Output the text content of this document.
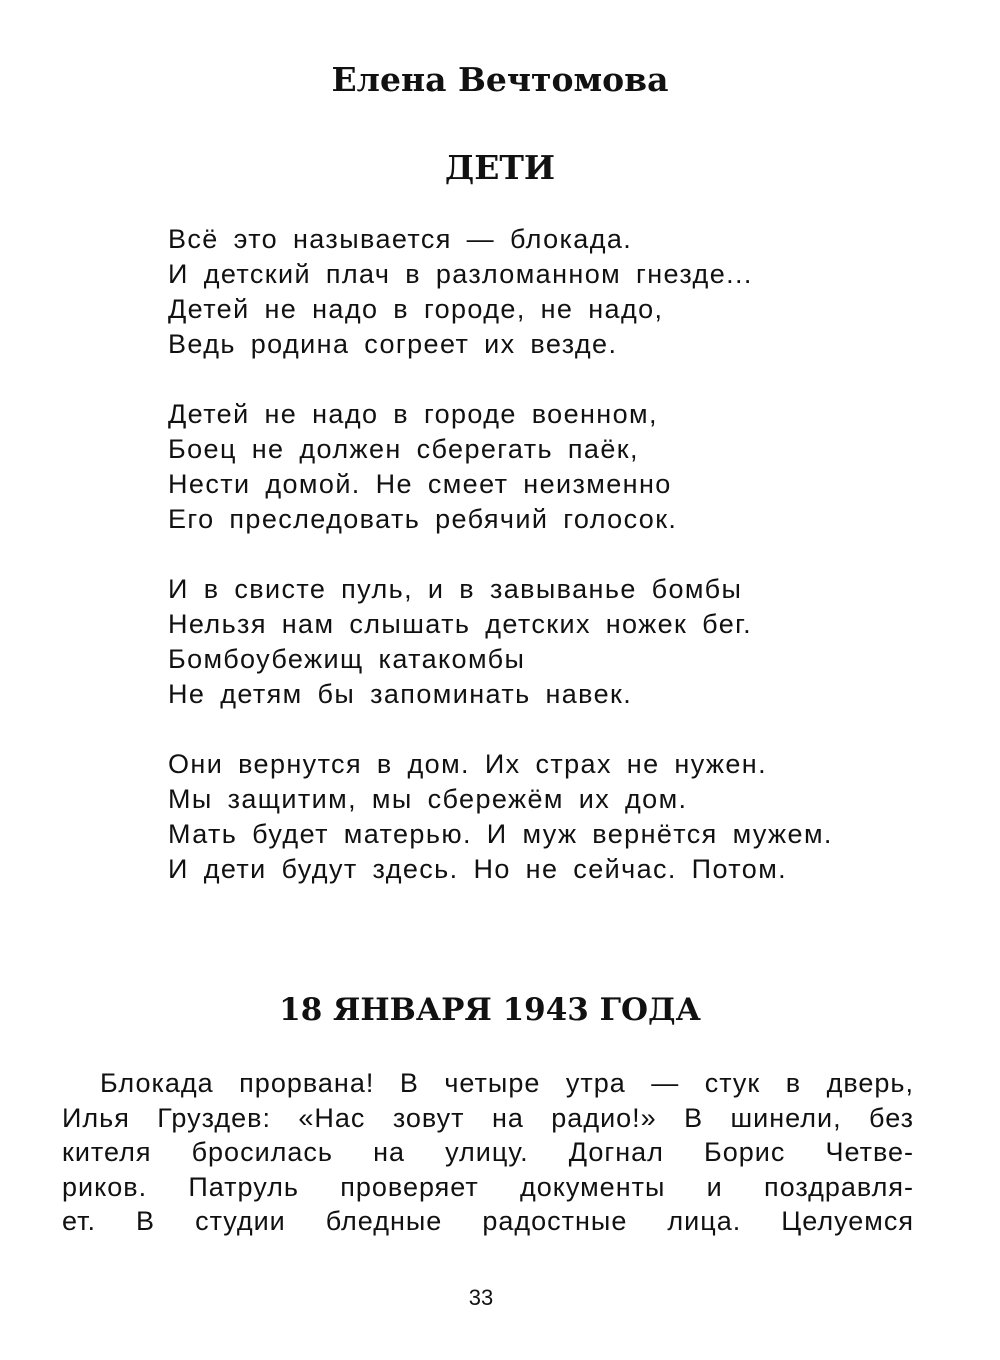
Елена Вечтомова
ДЕТИ
Всё это называется — блокада.
И детский плач в разломанном гнезде...
Детей не надо в городе, не надо,
Ведь родина согреет их везде.
Детей не надо в городе военном,
Боец не должен сберегать паёк,
Нести домой. Не смеет неизменно
Его преследовать ребячий голосок.
И в свисте пуль, и в завыванье бомбы
Нельзя нам слышать детских ножек бег.
Бомбоубежищ катакомбы
Не детям бы запоминать навек.
Они вернутся в дом. Их страх не нужен.
Мы защитим, мы сбережём их дом.
Мать будет матерью. И муж вернётся мужем.
И дети будут здесь. Но не сейчас. Потом.
18 ЯНВАРЯ 1943 ГОДА
Блокада прорвана! В четыре утра — стук в дверь,
Илья Груздев: «Нас зовут на радио!» В шинели, без
кителя бросилась на улицу. Догнал Борис Четве-
риков. Патруль проверяет документы и поздравля-
ет. В студии бледные радостные лица. Целуемся
33
